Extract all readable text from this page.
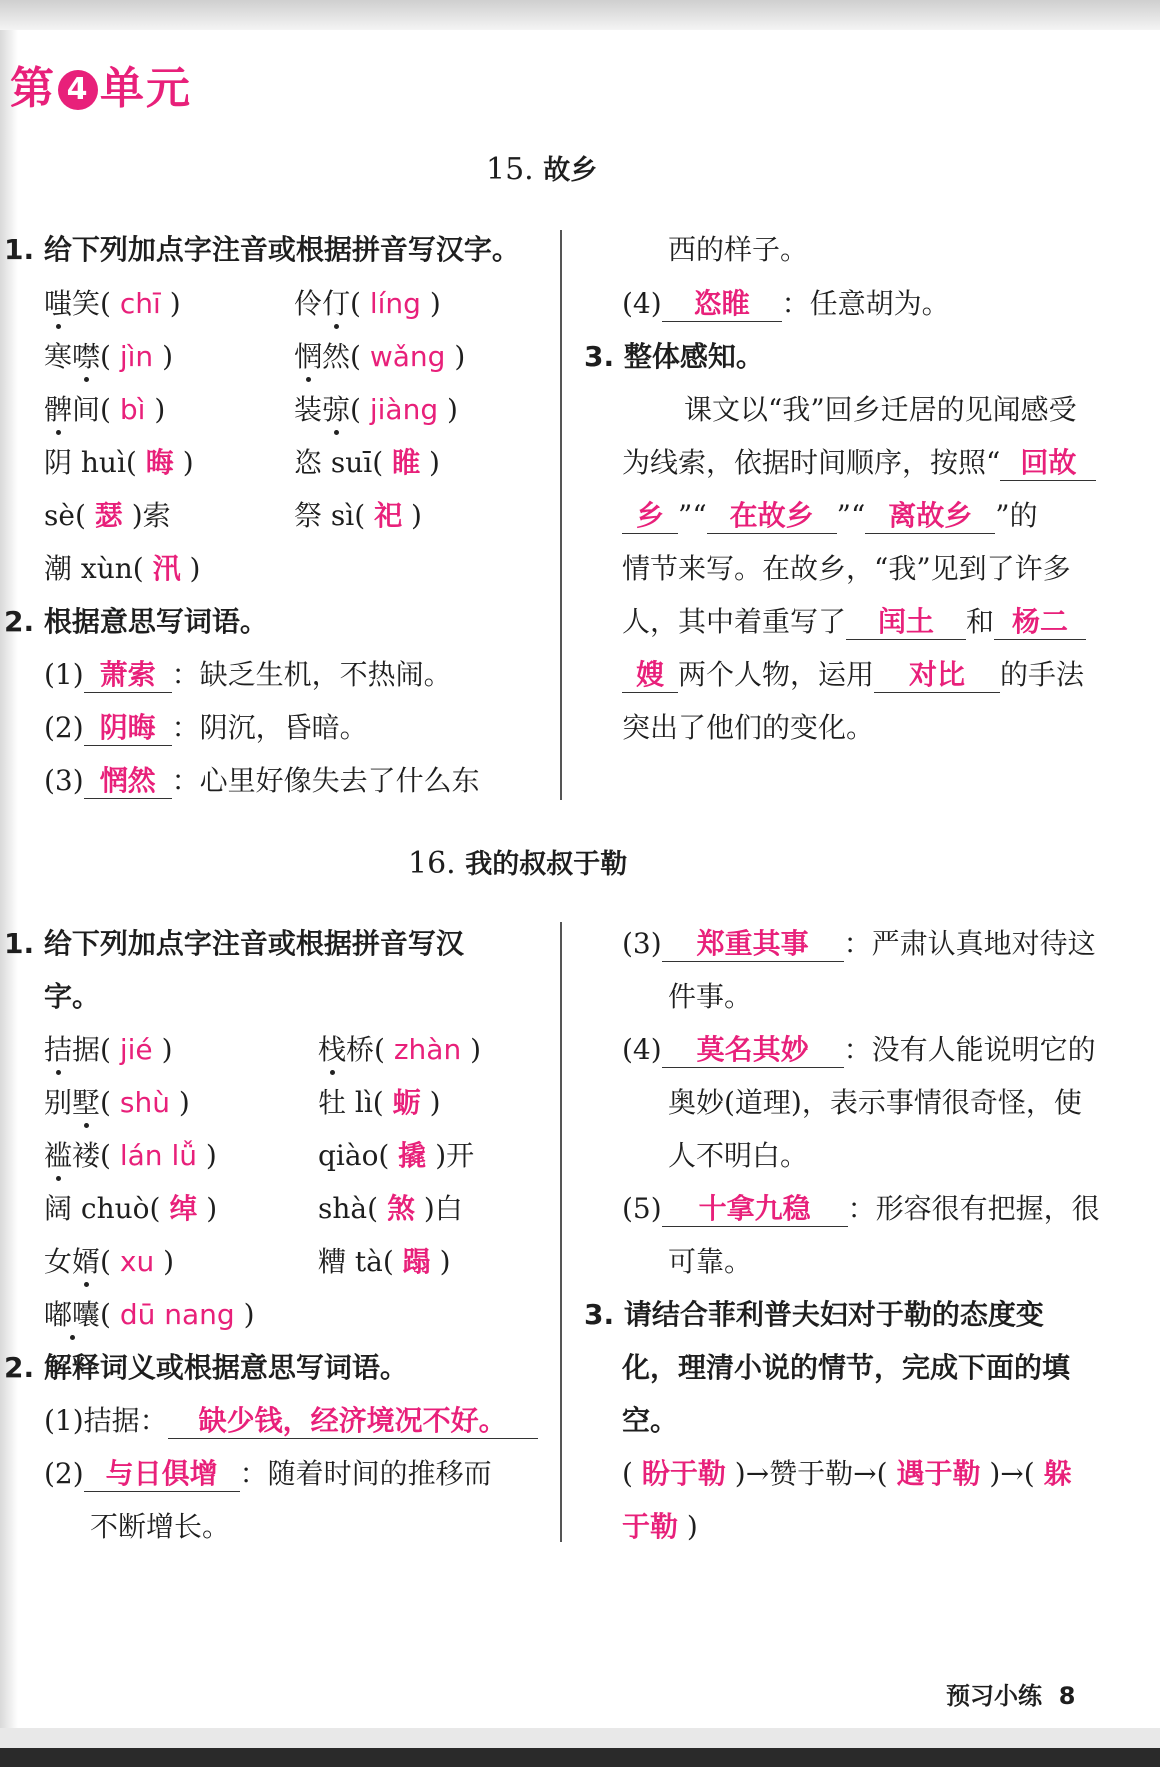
第 4 单元
15. 故乡
1. 给下列加点字注音或根据拼音写汉字。
嗤笑( chī )	伶仃( líng )
寒噤( jìn )	惘然( wǎng )
髀间( bì )	装弶( jiàng )
阴 huì( 晦 )	恣 suī( 睢 )
sè( 瑟 )索	祭 sì( 祀 )
潮 xùn( 汛 )
2. 根据意思写词语。
(1) 萧索 ：缺乏生机，不热闹。
(2) 阴晦 ：阴沉，昏暗。
(3) 惘然 ：心里好像失去了什么东
西的样子。
(4) 恣睢 ：任意胡为。
3. 整体感知。
课文以“我”回乡迁居的见闻感受
为线索，依据时间顺序，按照“ 回故
乡 ”“ 在故乡 ”“ 离故乡 ”的
情节来写。在故乡，“我”见到了许多
人，其中着重写了 闰土 和 杨二
嫂 两个人物，运用 对比 的手法
突出了他们的变化。
16. 我的叔叔于勒
1. 给下列加点字注音或根据拼音写汉
字。
拮据( jié )	栈桥( zhàn )
别墅( shù )	牡 lì( 蛎 )
褴褛( lán lǚ )	qiào( 撬 )开
阔 chuò( 绰 )	shà( 煞 )白
女婿( xu )	糟 tà( 蹋 )
嘟囔( dū nang )
2. 解释词义或根据意思写词语。
(1)拮据： 缺少钱，经济境况不好。
(2) 与日俱增 ：随着时间的推移而
不断增长。
(3) 郑重其事 ：严肃认真地对待这
件事。
(4) 莫名其妙 ：没有人能说明它的
奥妙(道理)，表示事情很奇怪，使
人不明白。
(5) 十拿九稳 ：形容很有把握，很
可靠。
3. 请结合菲利普夫妇对于勒的态度变
化，理清小说的情节，完成下面的填
空。
( 盼于勒 )→赞于勒→( 遇于勒 )→( 躲
于勒 )
预习小练 8
